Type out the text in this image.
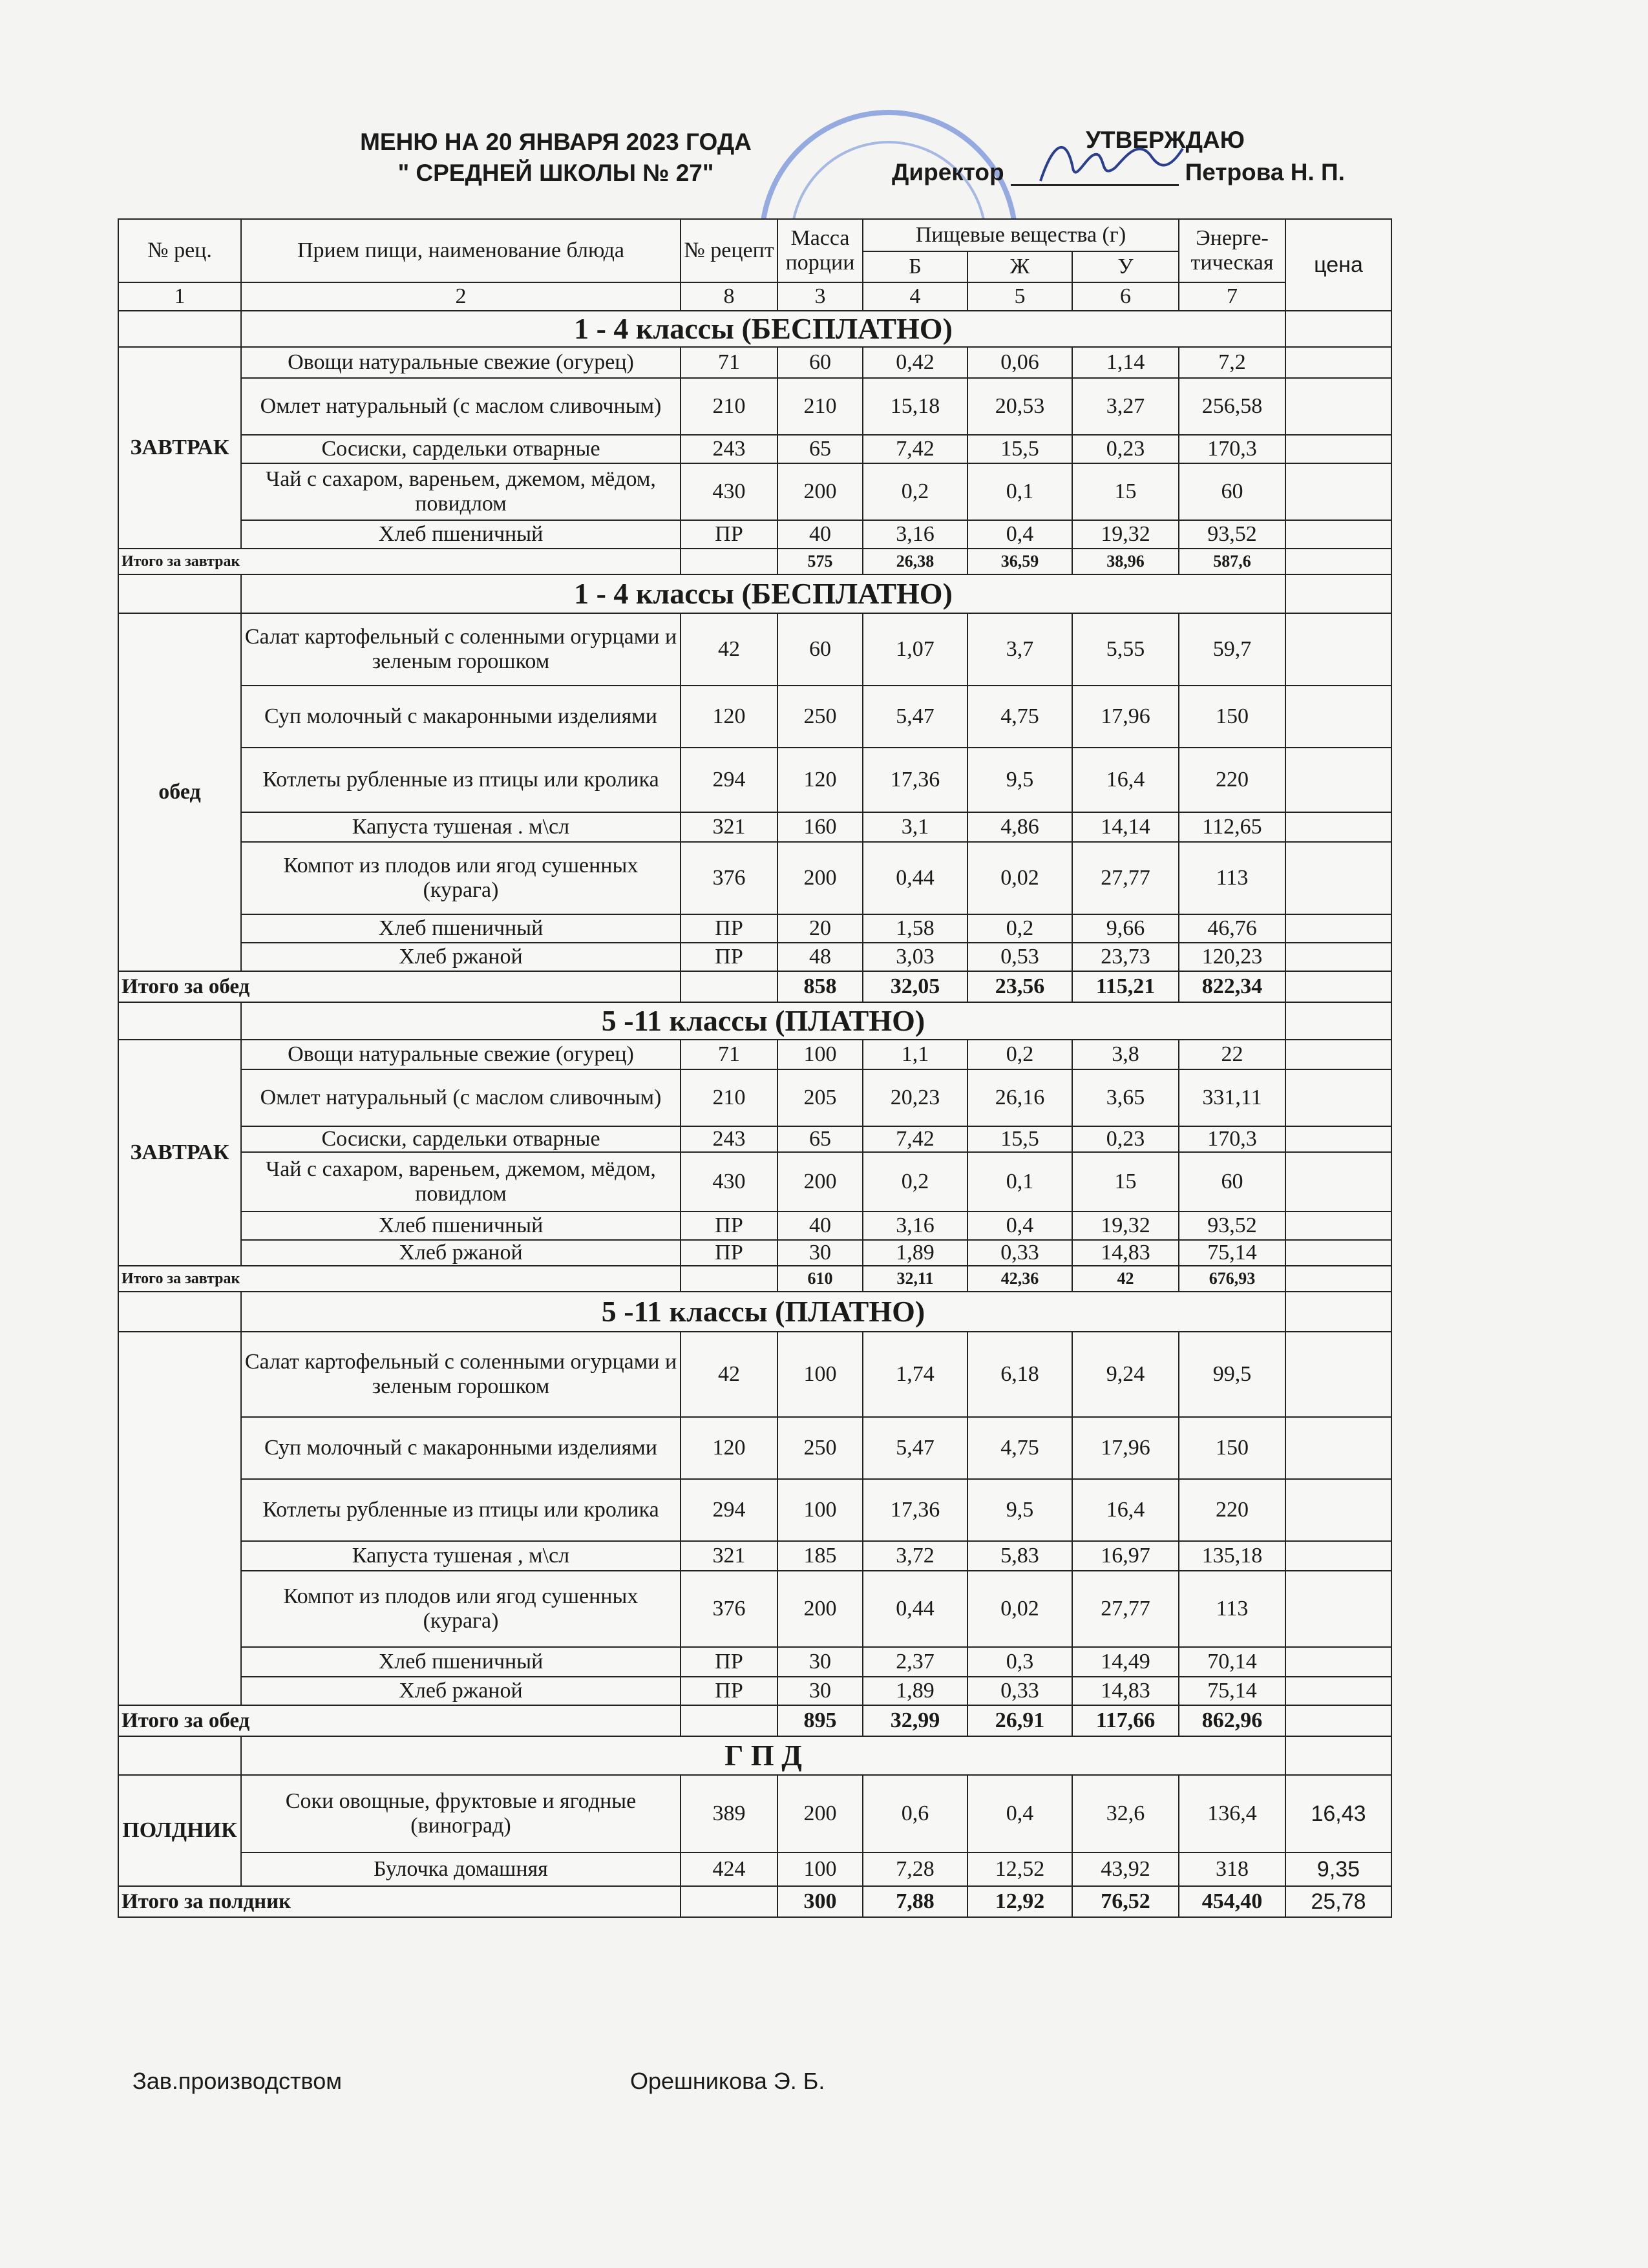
МЕНЮ НА 20 ЯНВАРЯ 2023 ГОДА
" СРЕДНЕЙ ШКОЛЫ № 27"
УТВЕРЖДАЮ
Директор	Петрова Н. П.
№ рец.	Прием пищи, наименование блюда	№ рецепт	Масса порции	Пищевые вещества (г)			Энерге- тическая	цена
				Б	Ж	У		
1	2	8	3	4	5	6	7	
	1 - 4 классы (БЕСПЛАТНО)							
ЗАВТРАК	Овощи натуральные свежие (огурец)	71	60	0,42	0,06	1,14	7,2	
	Омлет натуральный (с маслом сливочным)	210	210	15,18	20,53	3,27	256,58	
	Сосиски, сардельки отварные	243	65	7,42	15,5	0,23	170,3	
	Чай с сахаром, вареньем, джемом, мёдом, повидлом	430	200	0,2	0,1	15	60	
	Хлеб пшеничный	ПР	40	3,16	0,4	19,32	93,52	
Итого за завтрак			575	26,38	36,59	38,96	587,6	
	1 - 4 классы (БЕСПЛАТНО)							
обед	Салат картофельный с соленными огурцами и зеленым горошком	42	60	1,07	3,7	5,55	59,7	
	Суп молочный с макаронными изделиями	120	250	5,47	4,75	17,96	150	
	Котлеты рубленные из птицы или кролика	294	120	17,36	9,5	16,4	220	
	Капуста тушеная . м\сл	321	160	3,1	4,86	14,14	112,65	
	Компот из плодов или ягод сушенных (курага)	376	200	0,44	0,02	27,77	113	
	Хлеб пшеничный	ПР	20	1,58	0,2	9,66	46,76	
	Хлеб ржаной	ПР	48	3,03	0,53	23,73	120,23	
Итого за обед			858	32,05	23,56	115,21	822,34	
	5 -11 классы (ПЛАТНО)							
ЗАВТРАК	Овощи натуральные свежие (огурец)	71	100	1,1	0,2	3,8	22	
	Омлет натуральный (с маслом сливочным)	210	205	20,23	26,16	3,65	331,11	
	Сосиски, сардельки отварные	243	65	7,42	15,5	0,23	170,3	
	Чай с сахаром, вареньем, джемом, мёдом, повидлом	430	200	0,2	0,1	15	60	
	Хлеб пшеничный	ПР	40	3,16	0,4	19,32	93,52	
	Хлеб ржаной	ПР	30	1,89	0,33	14,83	75,14	
Итого за завтрак			610	32,11	42,36	42	676,93	
	5 -11 классы (ПЛАТНО)							
	Салат картофельный с соленными огурцами и зеленым горошком	42	100	1,74	6,18	9,24	99,5	
	Суп молочный с макаронными изделиями	120	250	5,47	4,75	17,96	150	
	Котлеты рубленные из птицы или кролика	294	100	17,36	9,5	16,4	220	
	Капуста тушеная , м\сл	321	185	3,72	5,83	16,97	135,18	
	Компот из плодов или ягод сушенных (курага)	376	200	0,44	0,02	27,77	113	
	Хлеб пшеничный	ПР	30	2,37	0,3	14,49	70,14	
	Хлеб ржаной	ПР	30	1,89	0,33	14,83	75,14	
Итого за обед			895	32,99	26,91	117,66	862,96	
	Г П Д							
ПОЛДНИК	Соки овощные, фруктовые и ягодные (виноград)	389	200	0,6	0,4	32,6	136,4	16,43
	Булочка домашняя	424	100	7,28	12,52	43,92	318	9,35
Итого за полдник			300	7,88	12,92	76,52	454,40	25,78
Зав.производством	Орешникова Э. Б.
